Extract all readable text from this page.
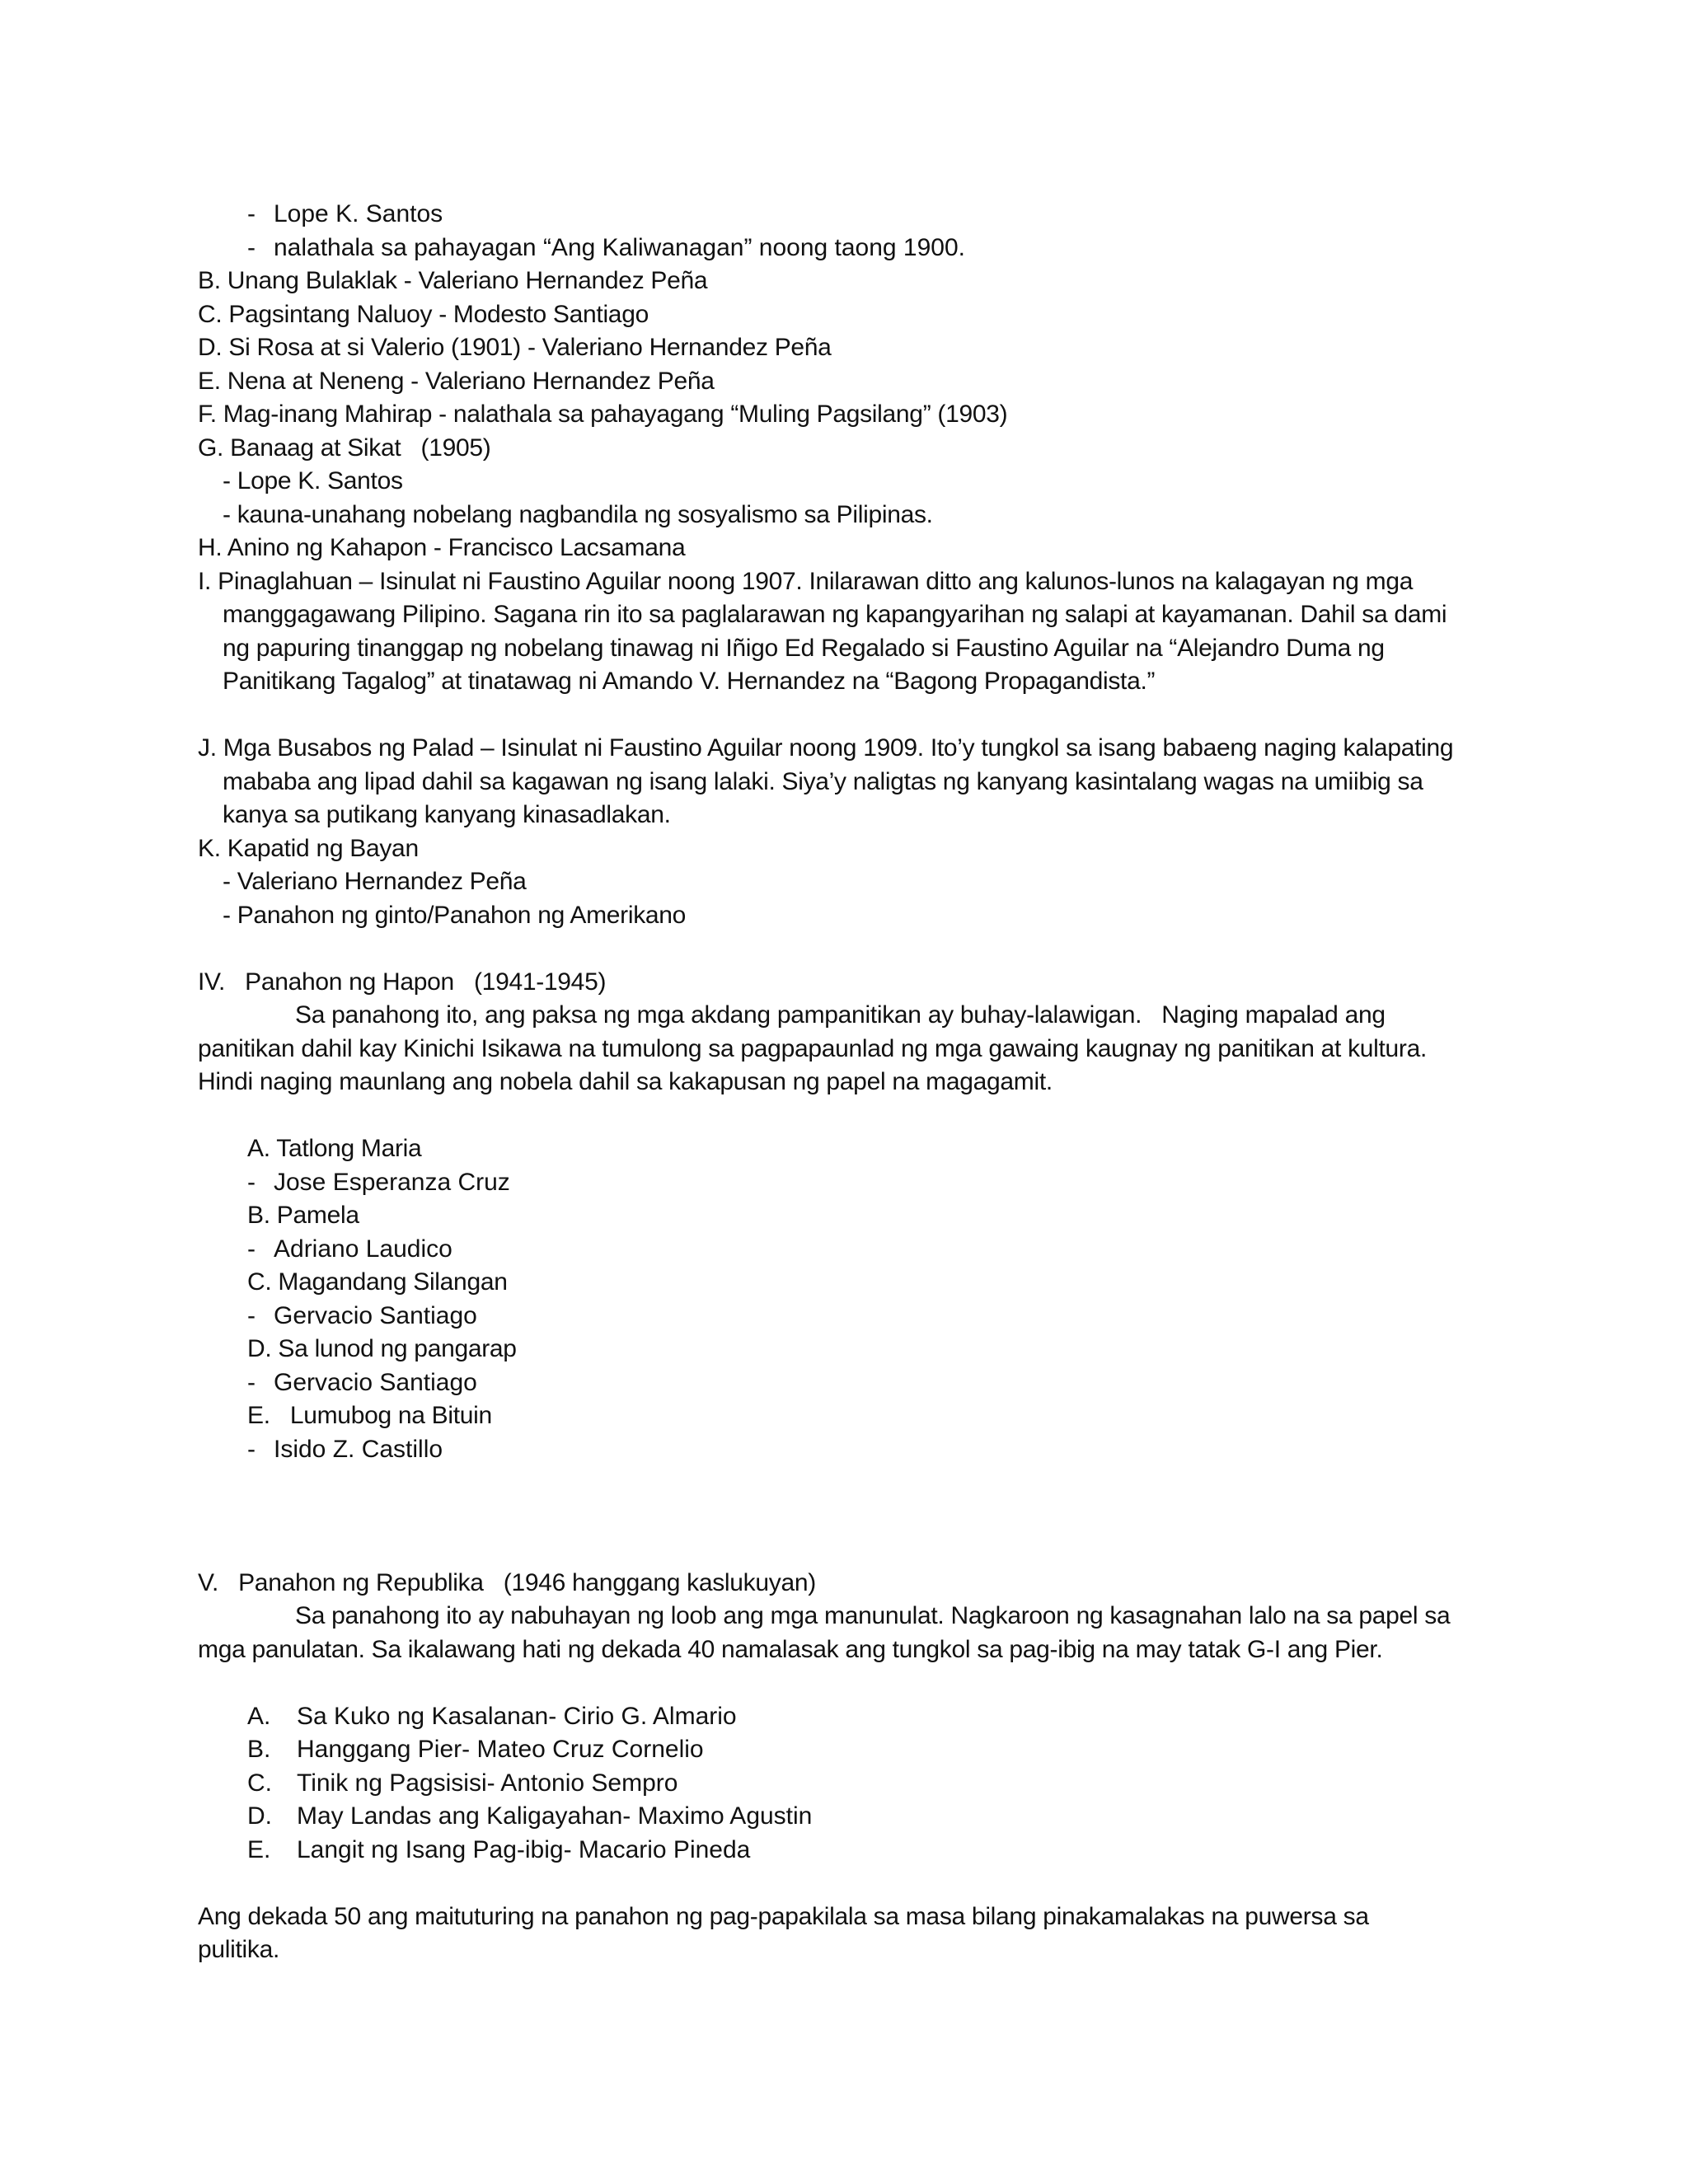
- Lope K. Santos
- nalathala sa pahayagan “Ang Kaliwanagan” noong taong 1900.
B. Unang Bulaklak - Valeriano Hernandez Peña
C. Pagsintang Naluoy - Modesto Santiago
D. Si Rosa at si Valerio (1901) - Valeriano Hernandez Peña
E. Nena at Neneng - Valeriano Hernandez Peña
F. Mag-inang Mahirap - nalathala sa pahayagang “Muling Pagsilang” (1903)
G. Banaag at Sikat   (1905)
- Lope K. Santos
- kauna-unahang nobelang nagbandila ng sosyalismo sa Pilipinas.
H. Anino ng Kahapon - Francisco Lacsamana
I. Pinaglahuan – Isinulat ni Faustino Aguilar noong 1907. Inilarawan ditto ang kalunos-lunos na kalagayan ng mga
manggagawang Pilipino. Sagana rin ito sa paglalarawan ng kapangyarihan ng salapi at kayamanan. Dahil sa dami
ng papuring tinanggap ng nobelang tinawag ni Iñigo Ed Regalado si Faustino Aguilar na “Alejandro Duma ng
Panitikang Tagalog” at tinatawag ni Amando V. Hernandez na “Bagong Propagandista.”
J. Mga Busabos ng Palad – Isinulat ni Faustino Aguilar noong 1909. Ito’y tungkol sa isang babaeng naging kalapating
mababa ang lipad dahil sa kagawan ng isang lalaki. Siya’y naligtas ng kanyang kasintalang wagas na umiibig sa
kanya sa putikang kanyang kinasadlakan.
K. Kapatid ng Bayan
- Valeriano Hernandez Peña
- Panahon ng ginto/Panahon ng Amerikano
IV.   Panahon ng Hapon   (1941-1945)
Sa panahong ito, ang paksa ng mga akdang pampanitikan ay buhay-lalawigan.   Naging mapalad ang
panitikan dahil kay Kinichi Isikawa na tumulong sa pagpapaunlad ng mga gawaing kaugnay ng panitikan at kultura.
Hindi naging maunlang ang nobela dahil sa kakapusan ng papel na magagamit.
A. Tatlong Maria
- Jose Esperanza Cruz
B. Pamela
- Adriano Laudico
C. Magandang Silangan
- Gervacio Santiago
D. Sa lunod ng pangarap
- Gervacio Santiago
E.   Lumubog na Bituin
- Isido Z. Castillo
V.   Panahon ng Republika   (1946 hanggang kaslukuyan)
Sa panahong ito ay nabuhayan ng loob ang mga manunulat. Nagkaroon ng kasagnahan lalo na sa papel sa
mga panulatan. Sa ikalawang hati ng dekada 40 namalasak ang tungkol sa pag-ibig na may tatak G-I ang Pier.
A. Sa Kuko ng Kasalanan- Cirio G. Almario
B. Hanggang Pier- Mateo Cruz Cornelio
C. Tinik ng Pagsisisi- Antonio Sempro
D. May Landas ang Kaligayahan- Maximo Agustin
E. Langit ng Isang Pag-ibig- Macario Pineda
Ang dekada 50 ang maituturing na panahon ng pag-papakilala sa masa bilang pinakamalakas na puwersa sa
pulitika.
